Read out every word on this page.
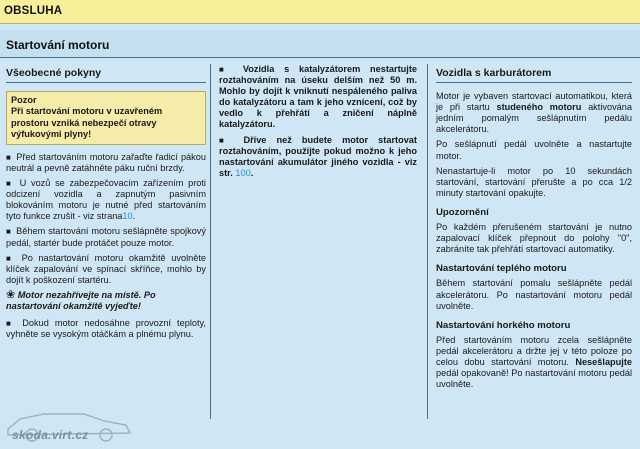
OBSLUHA
Startování motoru
Všeobecné pokyny
Pozor
Při startování motoru v uzavřeném prostoru vzniká nebezpečí otravy výfukovými plyny!
■ Před startováním motoru zařaďte řadicí pákou neutrál a pevně zatáhněte páku ruční brzdy.
■ U vozů se zabezpečovacím zařízením proti odcizení vozidla a zapnutým pasivním blokováním motoru je nutné před startováním tyto funkce zrušit - viz strana10.
■ Během startování motoru sešlápněte spojkový pedál, startér bude protáčet pouze motor.
■ Po nastartování motoru okamžitě uvolněte klíček zapalování ve spínací skříňce, mohlo by dojít k poškození startéru.
❀ Motor nezahřívejte na místě. Po nastartování okamžitě vyjeďte!
■ Dokud motor nedosáhne provozní teploty, vyhněte se vysokým otáčkám a plnému plynu.
■ Vozidla s katalyzátorem nestartujte roztahováním na úseku delším než 50 m. Mohlo by dojít k vniknutí nespáleného paliva do katalyzátoru a tam k jeho vznícení, což by vedlo k přehřátí a zničení náplně katalyzátoru.
■ Dříve než budete motor startovat roztahováním, použijte pokud možno k jeho nastartování akumulátor jiného vozidla - viz str. 100.
Vozidla s karburátorem
Motor je vybaven startovací automatikou, která je při startu studeného motoru aktivována jedním pomalým sešlápnutím pedálu akcelerátoru.
Po sešlápnutí pedál uvolněte a nastartujte motor.
Nenastartuje-li motor po 10 sekundách startování, startování přerušte a po cca 1/2 minuty startování opakujte.
Upozornění
Po každém přerušeném startování je nutno zapalovací klíček přepnout do polohy "0", zabráníte tak přehřátí startovací automatiky.
Nastartování teplého motoru
Během startování pomalu sešlápněte pedál akcelerátoru. Po nastartování motoru pedál uvolněte.
Nastartování horkého motoru
Před startováním motoru zcela sešlápněte pedál akcelerátoru a držte jej v této poloze po celou dobu startování motoru. Nesešlapujte pedál opakovaně! Po nastartování motoru pedál uvolněte.
skoda.virt.cz
